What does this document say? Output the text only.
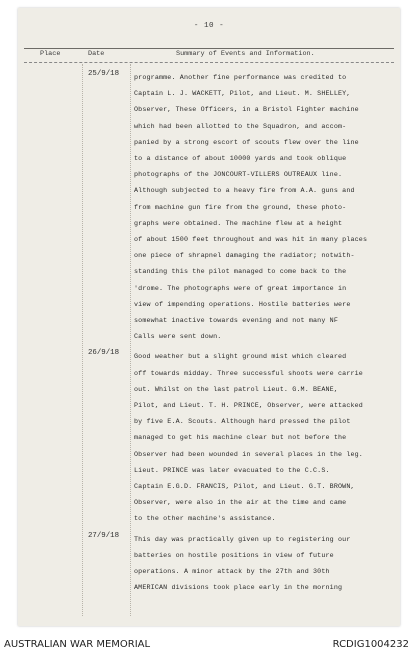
- 10 -
Place	Date	Summary of Events and Information.
25/9/18 programme. Another fine performance was credited to
Captain L. J. WACKETT, Pilot, and Lieut. M. SHELLEY,
Observer, These Officers, in a Bristol Fighter machine
which had been allotted to the Squadron, and accom-
panied by a strong escort of scouts flew over the line
to a distance of about 10000 yards and took oblique
photographs of the JONCOURT-VILLERS OUTREAUX line.
Although subjected to a heavy fire from A.A. guns and
from machine gun fire from the ground, these photo-
graphs were obtained. The machine flew at a height
of about 1500 feet throughout and was hit in many places
one piece of shrapnel damaging the radiator; notwith-
standing this the pilot managed to come back to the
'drome. The photographs were of great importance in
view of impending operations. Hostile batteries were
somewhat inactive towards evening and not many NF
Calls were sent down.
26/9/18 Good weather but a slight ground mist which cleared
off towards midday. Three successful shoots were carrie
out. Whilst on the last patrol Lieut. G.M. BEANE,
Pilot, and Lieut. T. H. PRINCE, Observer, were attacked
by five E.A. Scouts. Although hard pressed the pilot
managed to get his machine clear but not before the
Observer had been wounded in several places in the leg.
Lieut. PRINCE was later evacuated to the C.C.S.
Captain E.G.D. FRANCIS, Pilot, and Lieut. G.T. BROWN,
Observer, were also in the air at the time and came
to the other machine's assistance.
27/9/18 This day was practically given up to registering our
batteries on hostile positions in view of future
operations. A minor attack by the 27th and 30th
AMERICAN divisions took place early in the morning
AUSTRALIAN WAR MEMORIAL	RCDIG1004232
